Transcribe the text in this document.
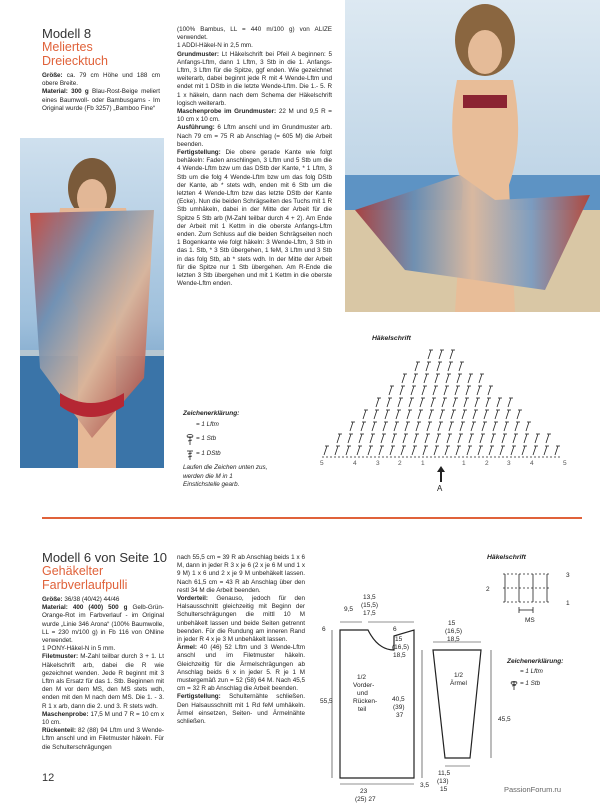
Modell 8
Meliertes
Dreiecktuch
Größe: ca. 79 cm Höhe und 188 cm obere Breite.
Material: 300 g Blau-Rost-Beige meliert eines Baumwoll- oder Bambusgarns - Im Original wurde (Fb 3257) „Bamboo Fine“
(100% Bambus, LL = 440 m/100 g) von ALIZE verwendet.
1 ADDI-Häkel-N in 2,5 mm.
Grundmuster: Lt Häkelschrift bei Pfeil A beginnen: 5 Anfangs-Lftm, dann 1 Lftm, 3 Stb in die 1. Anfangs-Lftm, 3 Lftm für die Spitze, ggf enden. Wie gezeichnet weiterarb, dabei beginnt jede R mit 4 Wende-Lftm und endet mit 1 DStb in die letzte Wende-Lftm. Die 1.- 5. R 1 x häkeln, dann nach dem Schema der Häkelschrift logisch weiterarb.
Maschenprobe im Grundmuster: 22 M und 9,5 R = 10 cm x 10 cm.
Ausführung: 6 Lftm anschl und im Grundmuster arb. Nach 79 cm = 75 R ab Anschlag (= 605 M) die Arbeit beenden.
Fertigstellung: Die obere gerade Kante wie folgt behäkeln: Faden anschlingen, 3 Lftm und 5 Stb um die 4 Wende-Lftm bzw um das DStb der Kante, * 1 Lftm, 3 Stb um die folg 4 Wende-Lftm bzw um das folg DStb der Kante, ab * stets wdh, enden mit 6 Stb um die letzten 4 Wende-Lftm bzw das letzte DStb der Kante (Ecke). Nun die beiden Schrägseiten des Tuchs mit 1 R Stb umhäkeln, dabei in der Mitte der Arbeit für die Spitze 5 Stb arb (M-Zahl teilbar durch 4 + 2). Am Ende der Arbeit mit 1 Kettm in die oberste Anfangs-Lftm enden. Zum Schluss auf die beiden Schrägseiten noch 1 Bogenkante wie folgt häkeln: 3 Wende-Lftm, 3 Stb in das 1. Stb, * 3 Stb übergehen, 1 feM, 3 Lftm und 3 Stb in das folg Stb, ab * stets wdh. In der Mitte der Arbeit für die Spitze nur 1 Stb übergehen. Am R-Ende die letzten 3 Stb übergehen und mit 1 Kettm in die oberste Wende-Lftm enden.
Häkelschrift
5	4	3	2	1	1	2	3	4	5
A
Zeichenerklärung:
= 1 Lftm
= 1 Stb
= 1 DStb
Laufen die Zeichen unten zus, werden die M in 1 Einstichstelle gearb.
Modell 6 von Seite 10
Gehäkelter
Farbverlaufpulli
Größe: 36/38 (40/42) 44/46
Material: 400 (400) 500 g Gelb-Grün-Orange-Rot im Farbverlauf - im Original wurde „Linie 346 Arona“ (100% Baumwolle, LL = 230 m/100 g) in Fb 116 von ONline verwendet.
1 PONY-Häkel-N in 5 mm.
Filetmuster: M-Zahl teilbar durch 3 + 1. Lt Häkelschrift arb, dabei die R wie gezeichnet wenden. Jede R beginnt mit 3 Lftm als Ersatz für das 1. Stb. Beginnen mit den M vor dem MS, den MS stets wdh, enden mit den M nach dem MS. Die 1. - 3. R 1 x arb, dann die 2. und 3. R stets wdh.
Maschenprobe: 17,5 M und 7 R = 10 cm x 10 cm.
Rückenteil: 82 (88) 94 Lftm und 3 Wende-Lftm anschl und im Filetmuster häkeln. Für die Schulterschrägungen
nach 55,5 cm = 39 R ab Anschlag beids 1 x 6 M, dann in jeder R 3 x je 6 (2 x je 6 M und 1 x 9 M) 1 x 6 und 2 x je 9 M unbehäkelt lassen. Nach 61,5 cm = 43 R ab Anschlag über den restl 34 M die Arbeit beenden.
Vorderteil: Genauso, jedoch für den Halsausschnitt gleichzeitig mit Beginn der Schulterschrägungen die mittl 10 M unbehäkelt lassen und beide Seiten getrennt beenden. Für die Rundung am inneren Rand in jeder R 4 x je 3 M unbehäkelt lassen.
Ärmel: 40 (46) 52 Lftm und 3 Wende-Lftm anschl und im Filetmuster häkeln. Gleichzeitig für die Ärmelschrägungen ab Anschlag beids 6 x in jeder 5. R je 1 M mustergemäß zun = 52 (58) 64 M. Nach 45,5 cm = 32 R ab Anschlag die Arbeit beenden.
Fertigstellung: Schulternähte schließen. Den Halsausschnitt mit 1 Rd feM umhäkeln. Ärmel einsetzen, Seiten- und Ärmelnähte schließen.
13,5
(15,5)
17,5
9,5
6	6
55,5
15
(16,5)
18,5
40,5
(39)
37
1/2
Vorder-
und
Rücken-
teil
23
(25) 27
15
(16,5)
18,5
45,5
1/2
Ärmel
11,5
(13)
15
3,5
Häkelschrift
3
2
1
MS
Zeichenerklärung:
= 1 Lftm
= 1 Stb
12
PassionForum.ru
